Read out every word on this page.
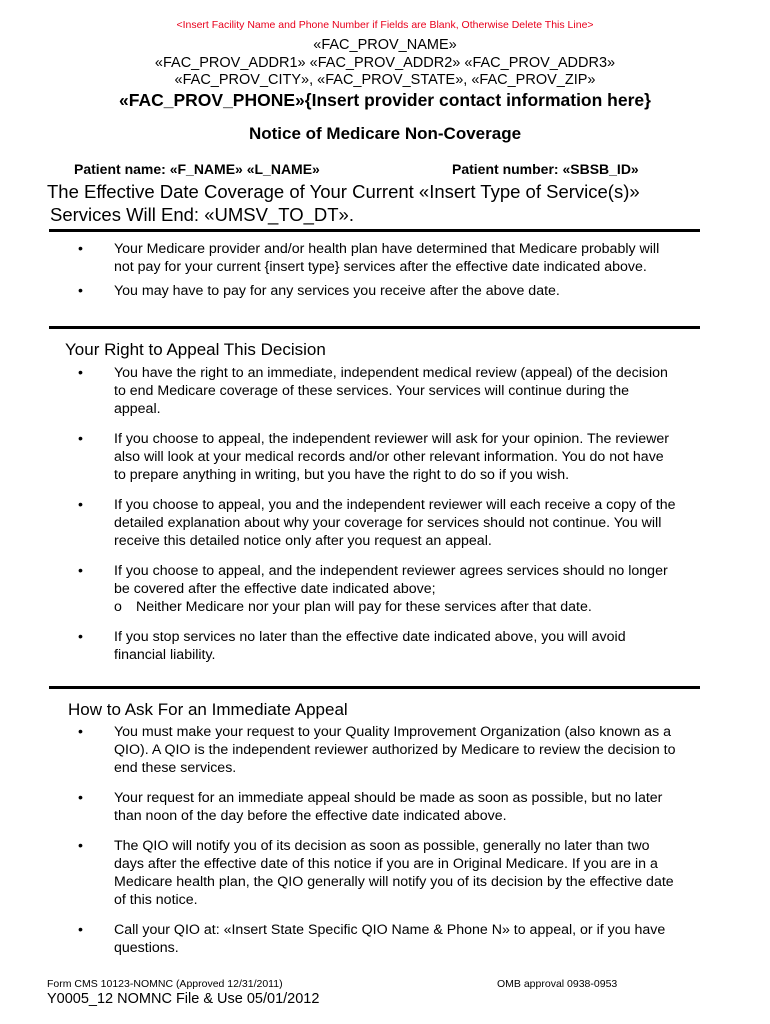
<Insert Facility Name and Phone Number if Fields are Blank, Otherwise Delete This Line>
«FAC_PROV_NAME»
«FAC_PROV_ADDR1» «FAC_PROV_ADDR2» «FAC_PROV_ADDR3»
«FAC_PROV_CITY», «FAC_PROV_STATE», «FAC_PROV_ZIP»
«FAC_PROV_PHONE»{Insert provider contact information here}
Notice of Medicare Non-Coverage
Patient name: «F_NAME» «L_NAME»	Patient number: «SBSB_ID»
The Effective Date Coverage of Your Current «Insert Type of Service(s)»
Services Will End: «UMSV_TO_DT».
• Your Medicare provider and/or health plan have determined that Medicare probably will not pay for your current {insert type} services after the effective date indicated above.
• You may have to pay for any services you receive after the above date.
Your Right to Appeal This Decision
• You have the right to an immediate, independent medical review (appeal) of the decision to end Medicare coverage of these services. Your services will continue during the appeal.
• If you choose to appeal, the independent reviewer will ask for your opinion. The reviewer also will look at your medical records and/or other relevant information. You do not have to prepare anything in writing, but you have the right to do so if you wish.
• If you choose to appeal, you and the independent reviewer will each receive a copy of the detailed explanation about why your coverage for services should not continue. You will receive this detailed notice only after you request an appeal.
• If you choose to appeal, and the independent reviewer agrees services should no longer be covered after the effective date indicated above;
o Neither Medicare nor your plan will pay for these services after that date.
• If you stop services no later than the effective date indicated above, you will avoid financial liability.
How to Ask For an Immediate Appeal
• You must make your request to your Quality Improvement Organization (also known as a QIO). A QIO is the independent reviewer authorized by Medicare to review the decision to end these services.
• Your request for an immediate appeal should be made as soon as possible, but no later than noon of the day before the effective date indicated above.
• The QIO will notify you of its decision as soon as possible, generally no later than two days after the effective date of this notice if you are in Original Medicare. If you are in a Medicare health plan, the QIO generally will notify you of its decision by the effective date of this notice.
• Call your QIO at: «Insert State Specific QIO Name & Phone N» to appeal, or if you have questions.
Form CMS 10123-NOMNC (Approved 12/31/2011)	OMB approval 0938-0953
Y0005_12 NOMNC File & Use 05/01/2012
